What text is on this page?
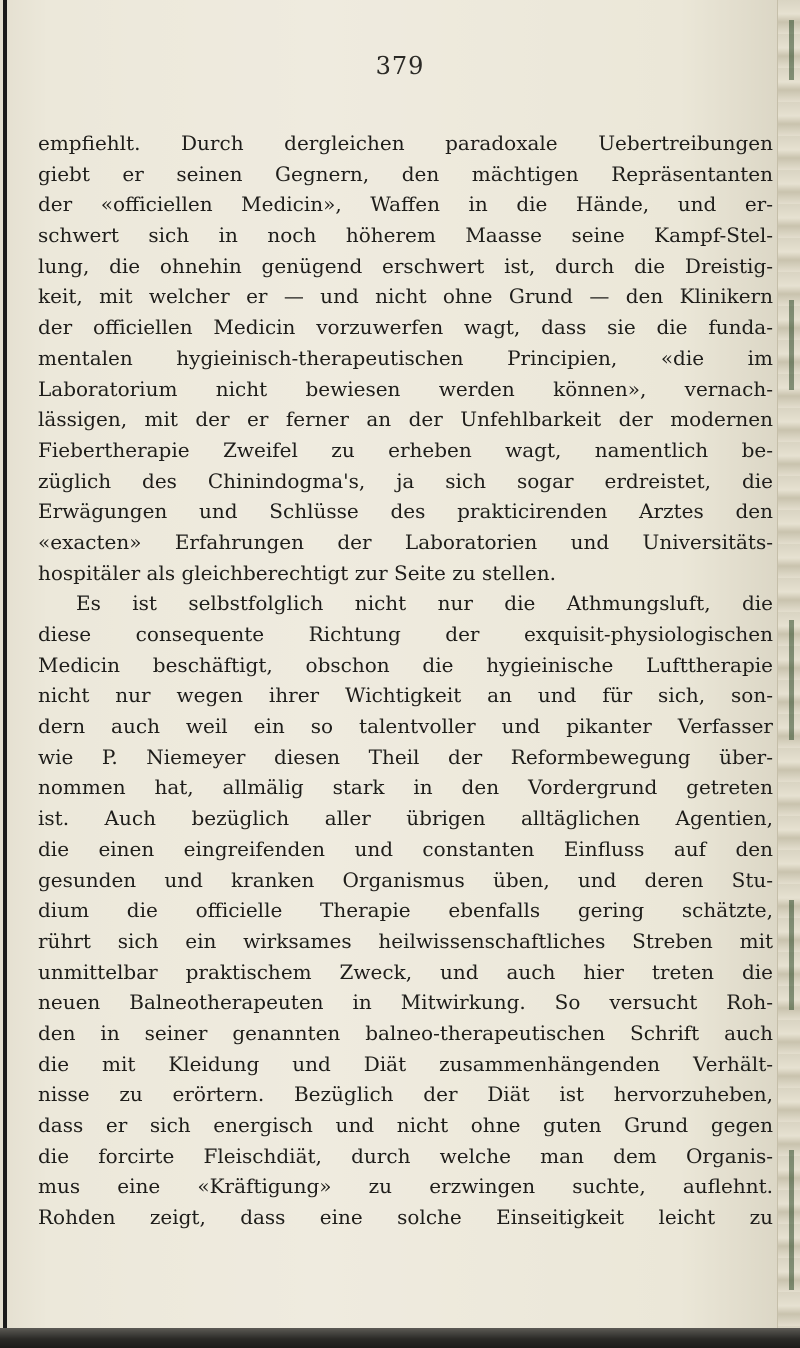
379
empfiehlt. Durch dergleichen paradoxale Uebertreibungen
giebt er seinen Gegnern, den mächtigen Repräsentanten
der «officiellen Medicin», Waffen in die Hände, und er-
schwert sich in noch höherem Maasse seine Kampf-Stel-
lung, die ohnehin genügend erschwert ist, durch die Dreistig-
keit, mit welcher er — und nicht ohne Grund — den Klinikern
der officiellen Medicin vorzuwerfen wagt, dass sie die funda-
mentalen hygieinisch-therapeutischen Principien, «die im
Laboratorium nicht bewiesen werden können», vernach-
lässigen, mit der er ferner an der Unfehlbarkeit der modernen
Fiebertherapie Zweifel zu erheben wagt, namentlich be-
züglich des Chinindogma's, ja sich sogar erdreistet, die
Erwägungen und Schlüsse des prakticirenden Arztes den
«exacten» Erfahrungen der Laboratorien und Universitäts-
hospitäler als gleichberechtigt zur Seite zu stellen.
Es ist selbstfolglich nicht nur die Athmungsluft, die
diese consequente Richtung der exquisit-physiologischen
Medicin beschäftigt, obschon die hygieinische Lufttherapie
nicht nur wegen ihrer Wichtigkeit an und für sich, son-
dern auch weil ein so talentvoller und pikanter Verfasser
wie P. Niemeyer diesen Theil der Reformbewegung über-
nommen hat, allmälig stark in den Vordergrund getreten
ist. Auch bezüglich aller übrigen alltäglichen Agentien,
die einen eingreifenden und constanten Einfluss auf den
gesunden und kranken Organismus üben, und deren Stu-
dium die officielle Therapie ebenfalls gering schätzte,
rührt sich ein wirksames heilwissenschaftliches Streben mit
unmittelbar praktischem Zweck, und auch hier treten die
neuen Balneotherapeuten in Mitwirkung. So versucht Roh-
den in seiner genannten balneo-therapeutischen Schrift auch
die mit Kleidung und Diät zusammenhängenden Verhält-
nisse zu erörtern. Bezüglich der Diät ist hervorzuheben,
dass er sich energisch und nicht ohne guten Grund gegen
die forcirte Fleischdiät, durch welche man dem Organis-
mus eine «Kräftigung» zu erzwingen suchte, auflehnt.
Rohden zeigt, dass eine solche Einseitigkeit leicht zu
